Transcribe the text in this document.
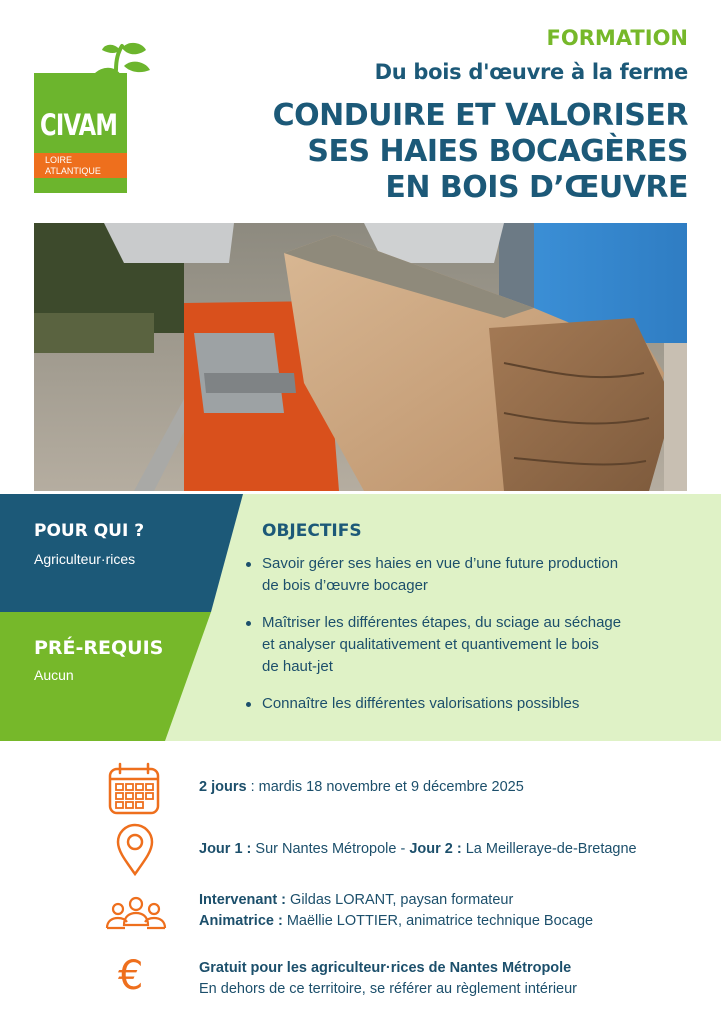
CIVAM
LOIRE
ATLANTIQUE
FORMATION
Du bois d'œuvre à la ferme
CONDUIRE ET VALORISER
SES HAIES BOCAGÈRES
EN BOIS D’ŒUVRE
POUR QUI ?
Agriculteur·rices
PRÉ-REQUIS
Aucun
OBJECTIFS
Savoir gérer ses haies en vue d’une future production
de bois d’œuvre bocager
Maîtriser les différentes étapes, du sciage au séchage
et analyser qualitativement et quantivement le bois
de haut-jet
Connaître les différentes valorisations possibles
2 jours : mardis 18 novembre et 9 décembre 2025
Jour 1 : Sur Nantes Métropole - Jour 2 : La Meilleraye-de-Bretagne
Intervenant : Gildas LORANT, paysan formateur
Animatrice : Maëllie LOTTIER, animatrice technique Bocage
€	Gratuit pour les agriculteur·rices de Nantes Métropole
En dehors de ce territoire, se référer au règlement intérieur
